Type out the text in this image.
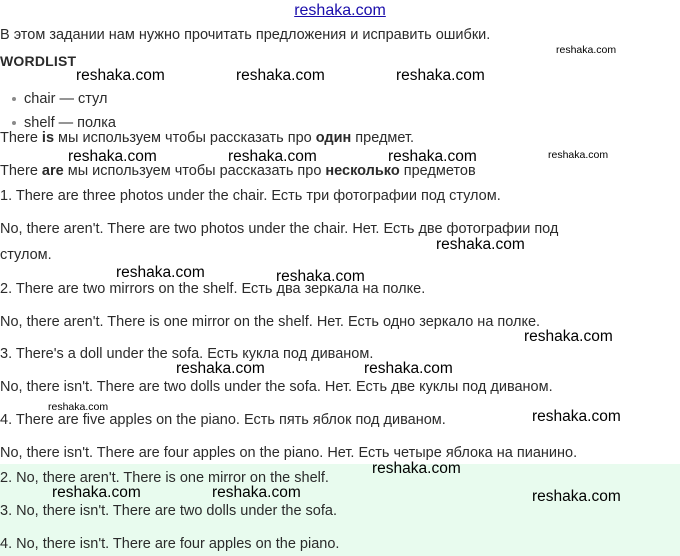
reshaka.com
В этом задании нам нужно прочитать предложения и исправить ошибки.
WORDLIST
chair — стул
shelf — полка
There is мы используем чтобы рассказать про один предмет.
There are мы используем чтобы рассказать про несколько предметов
1. There are three photos under the chair. Есть три фотографии под стулом.
No, there aren't. There are two photos under the chair. Нет. Есть две фотографии под
стулом.
2. There are two mirrors on the shelf. Есть два зеркала на полке.
No, there aren't. There is one mirror on the shelf. Нет. Есть одно зеркало на полке.
3. There's a doll under the sofa. Есть кукла под диваном.
No, there isn't. There are two dolls under the sofa. Нет. Есть две куклы под диваном.
4. There are five apples on the piano. Есть пять яблок под диваном.
No, there isn't. There are four apples on the piano. Нет. Есть четыре яблока на пианино.
2. No, there aren't. There is one mirror on the shelf.
3. No, there isn't. There are two dolls under the sofa.
4. No, there isn't. There are four apples on the piano.
reshaka.com
reshaka.com	reshaka.com	reshaka.com
reshaka.com	reshaka.com	reshaka.com	reshaka.com
reshaka.com
reshaka.com	reshaka.com
reshaka.com
reshaka.com	reshaka.com
reshaka.com
reshaka.com
reshaka.com
reshaka.com	reshaka.com	reshaka.com
